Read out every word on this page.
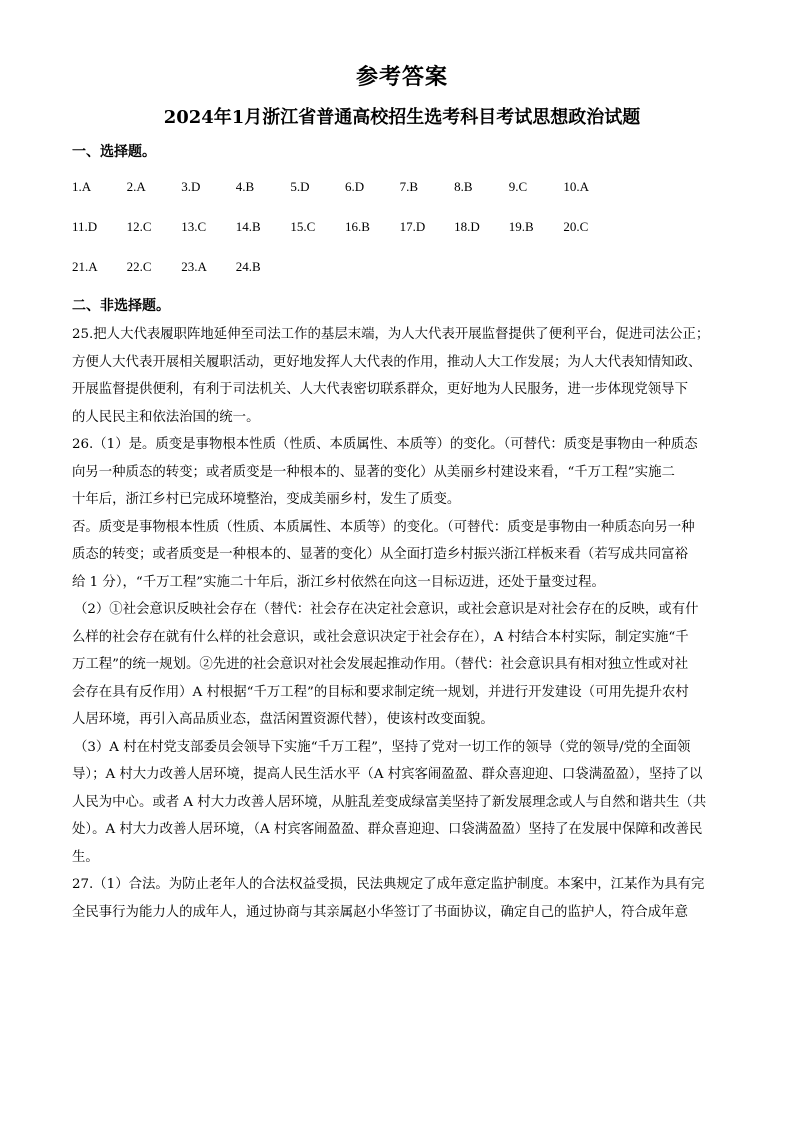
参考答案
2024年1月浙江省普通高校招生选考科目考试思想政治试题
一、选择题。
1.A	2.A	3.D	4.B	5.D	6.D	7.B	8.B	9.C	10.A
11.D	12.C	13.C	14.B	15.C	16.B	17.D	18.D	19.B	20.C
21.A	22.C	23.A	24.B
二、非选择题。

25.把人大代表履职阵地延伸至司法工作的基层末端，为人大代表开展监督提供了便利平台，促进司法公正；
方便人大代表开展相关履职活动，更好地发挥人大代表的作用，推动人大工作发展；为人大代表知情知政、
开展监督提供便利，有利于司法机关、人大代表密切联系群众，更好地为人民服务，进一步体现党领导下
的人民民主和依法治国的统一。

26.（1）是。质变是事物根本性质（性质、本质属性、本质等）的变化。（可替代：质变是事物由一种质态
向另一种质态的转变；或者质变是一种根本的、显著的变化）从美丽乡村建设来看，“千万工程”实施二
十年后，浙江乡村已完成环境整治，变成美丽乡村，发生了质变。

否。质变是事物根本性质（性质、本质属性、本质等）的变化。（可替代：质变是事物由一种质态向另一种
质态的转变；或者质变是一种根本的、显著的变化）从全面打造乡村振兴浙江样板来看（若写成共同富裕
给 1 分），“千万工程”实施二十年后，浙江乡村依然在向这一目标迈进，还处于量变过程。

（2）①社会意识反映社会存在（替代：社会存在决定社会意识，或社会意识是对社会存在的反映，或有什
么样的社会存在就有什么样的社会意识，或社会意识决定于社会存在），A 村结合本村实际，制定实施“千
万工程”的统一规划。②先进的社会意识对社会发展起推动作用。（替代：社会意识具有相对独立性或对社
会存在具有反作用）A 村根据“千万工程”的目标和要求制定统一规划，并进行开发建设（可用先提升农村
人居环境，再引入高品质业态，盘活闲置资源代替），使该村改变面貌。

（3）A 村在村党支部委员会领导下实施“千万工程”，坚持了党对一切工作的领导（党的领导/党的全面领
导）；A 村大力改善人居环境，提高人民生活水平（A 村宾客闹盈盈、群众喜迎迎、口袋满盈盈），坚持了以
人民为中心。或者 A 村大力改善人居环境，从脏乱差变成绿富美坚持了新发展理念或人与自然和谐共生（共
处）。A 村大力改善人居环境，（A 村宾客闹盈盈、群众喜迎迎、口袋满盈盈）坚持了在发展中保障和改善民
生。

27.（1）合法。为防止老年人的合法权益受损，民法典规定了成年意定监护制度。本案中，江某作为具有完
全民事行为能力人的成年人，通过协商与其亲属赵小华签订了书面协议，确定自己的监护人，符合成年意
